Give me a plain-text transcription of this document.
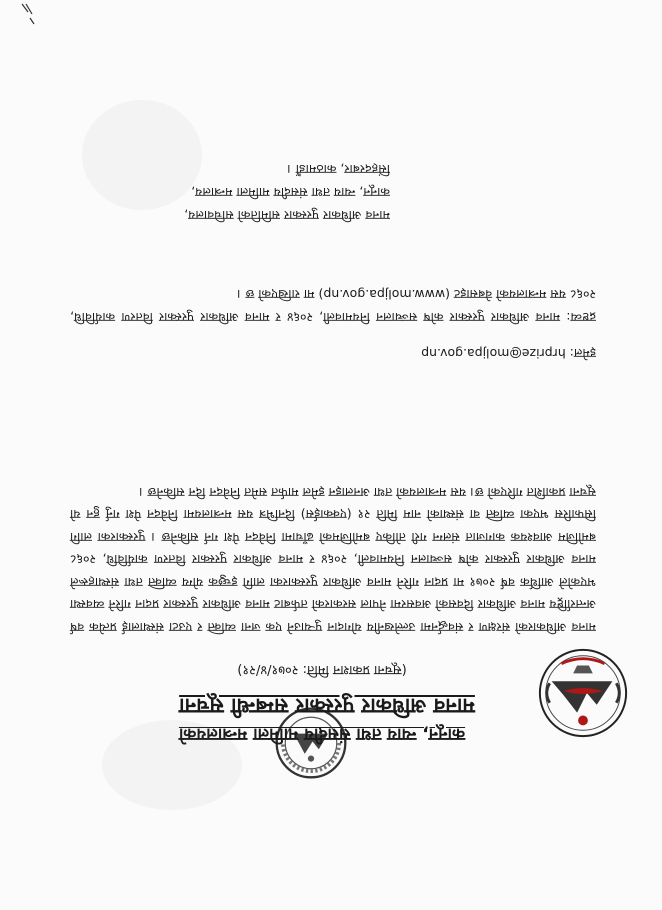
कानून, न्याय तथा संसदीय मामिला मन्त्रालयको
मानव अधिकार पुरस्कार सम्बन्धी सूचना
(सूचना प्रकाशन मिति: २०७१/४/२१)
मानव अधिकारको संरक्षण र संवर्द्धनमा उल्लेखनीय योगदान पुऱ्याउने एक जना व्यक्ति र एउटा संस्थालाई प्रत्येक वर्ष अन्तर्राष्ट्रिय मानव अधिकार दिवसको अवसरमा नेपाल सरकारको तर्फबाट मानव अधिकार पुरस्कार प्रदान गरिने व्यवस्था भएकोले आर्थिक वर्ष २०७१ मा प्रदान गरिने मानव अधिकार पुरस्कारका लागि इच्छुक योग्य व्यक्ति तथा संस्थाहरूले मानव अधिकार पुरस्कार कोष सञ्चालन नियमावली, २०६४ र मानव अधिकार पुरस्कार वितरण कार्यविधि, २०६८ बमोजिम आवश्यक कागजात संलग्न गरी तोकिए बमोजिमको ढाँचामा निवेदन पेश गर्न सकिनेछ । पुरस्कारका लागि सिफारिस भएका व्यक्ति वा संस्थाको नाम मिति २१ (एक्काईस) दिनभित्र यस मन्त्रालयमा निवेदन पेश गर्नु हुन यो सूचना प्रकाशित गरिएको छ। यस मन्त्रालयको तथा अनलाइन इमेल मार्फत समेत निवेदन दिन सकिनेछ ।
इमेल: hrprize@moljpa.gov.np
द्रष्टव्य: मानव अधिकार पुरस्कार कोष सञ्चालन नियमावली, २०६४ र मानव अधिकार पुरस्कार वितरण कार्यविधि, २०६८ यस मन्त्रालयको वेबसाइट (www.moljpa.gov.np) मा राखिएको छ ।
मानव अधिकार पुरस्कार समितिको सचिवालय,
कानून, न्याय तथा संसदीय मामिला मन्त्रालय,
सिंहदरबार, काठमाडौं ।
